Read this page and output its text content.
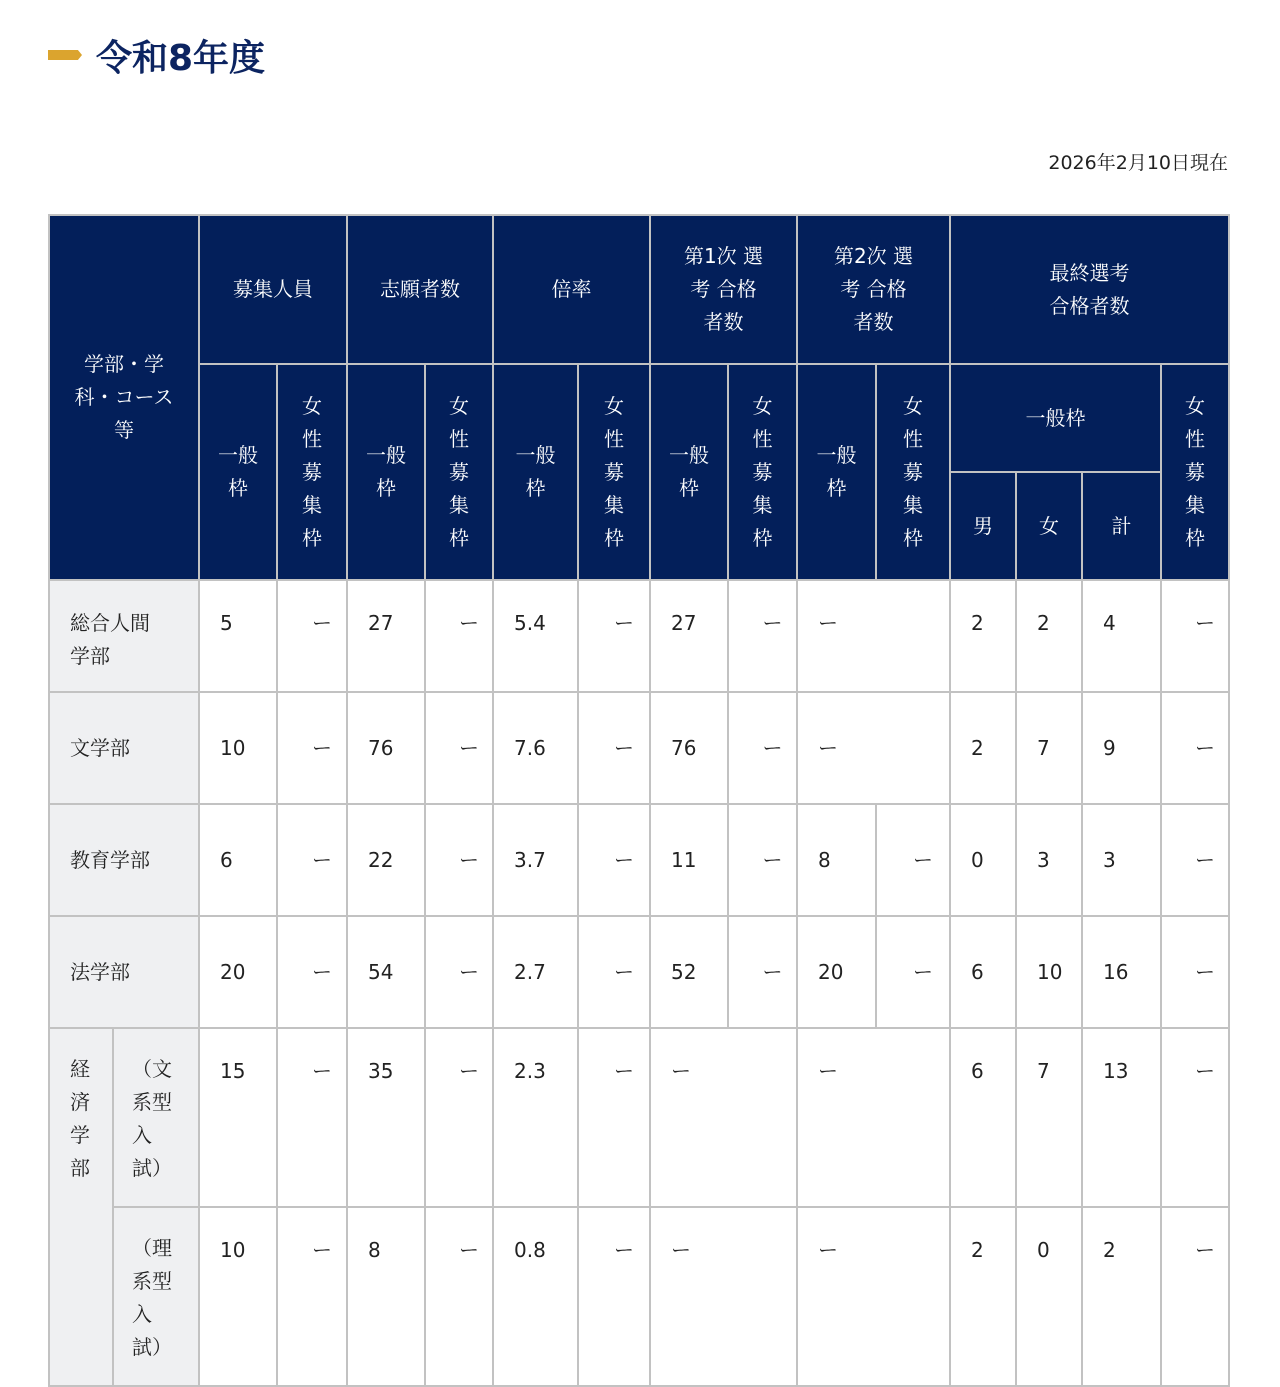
令和8年度
2026年2月10日現在
学部・学科・コース等		募集人員		志願者数		倍率		第1次 選考 合格者数		第2次 選考 合格者数		最終選考 合格者数			

		一般枠	女性募集枠	一般枠	女性募集枠	一般枠	女性募集枠	一般枠	女性募集枠	一般枠	女性募集枠	一般枠			女性募集枠

												男	女	計	

総合人間学部		5	ー	27	ー	5.4	ー	27	ー	ー		2	2	4	ー
文学部		10	ー	76	ー	7.6	ー	76	ー	ー		2	7	9	ー
教育学部		6	ー	22	ー	3.7	ー	11	ー	8	ー	0	3	3	ー
法学部		20	ー	54	ー	2.7	ー	52	ー	20	ー	6	10	16	ー

経済学部	（文系型入試）	15	ー	35	ー	2.3	ー	ー		ー		6	7	13	ー

	（理系型入試）	10	ー	8	ー	0.8	ー	ー		ー		2	0	2	ー
